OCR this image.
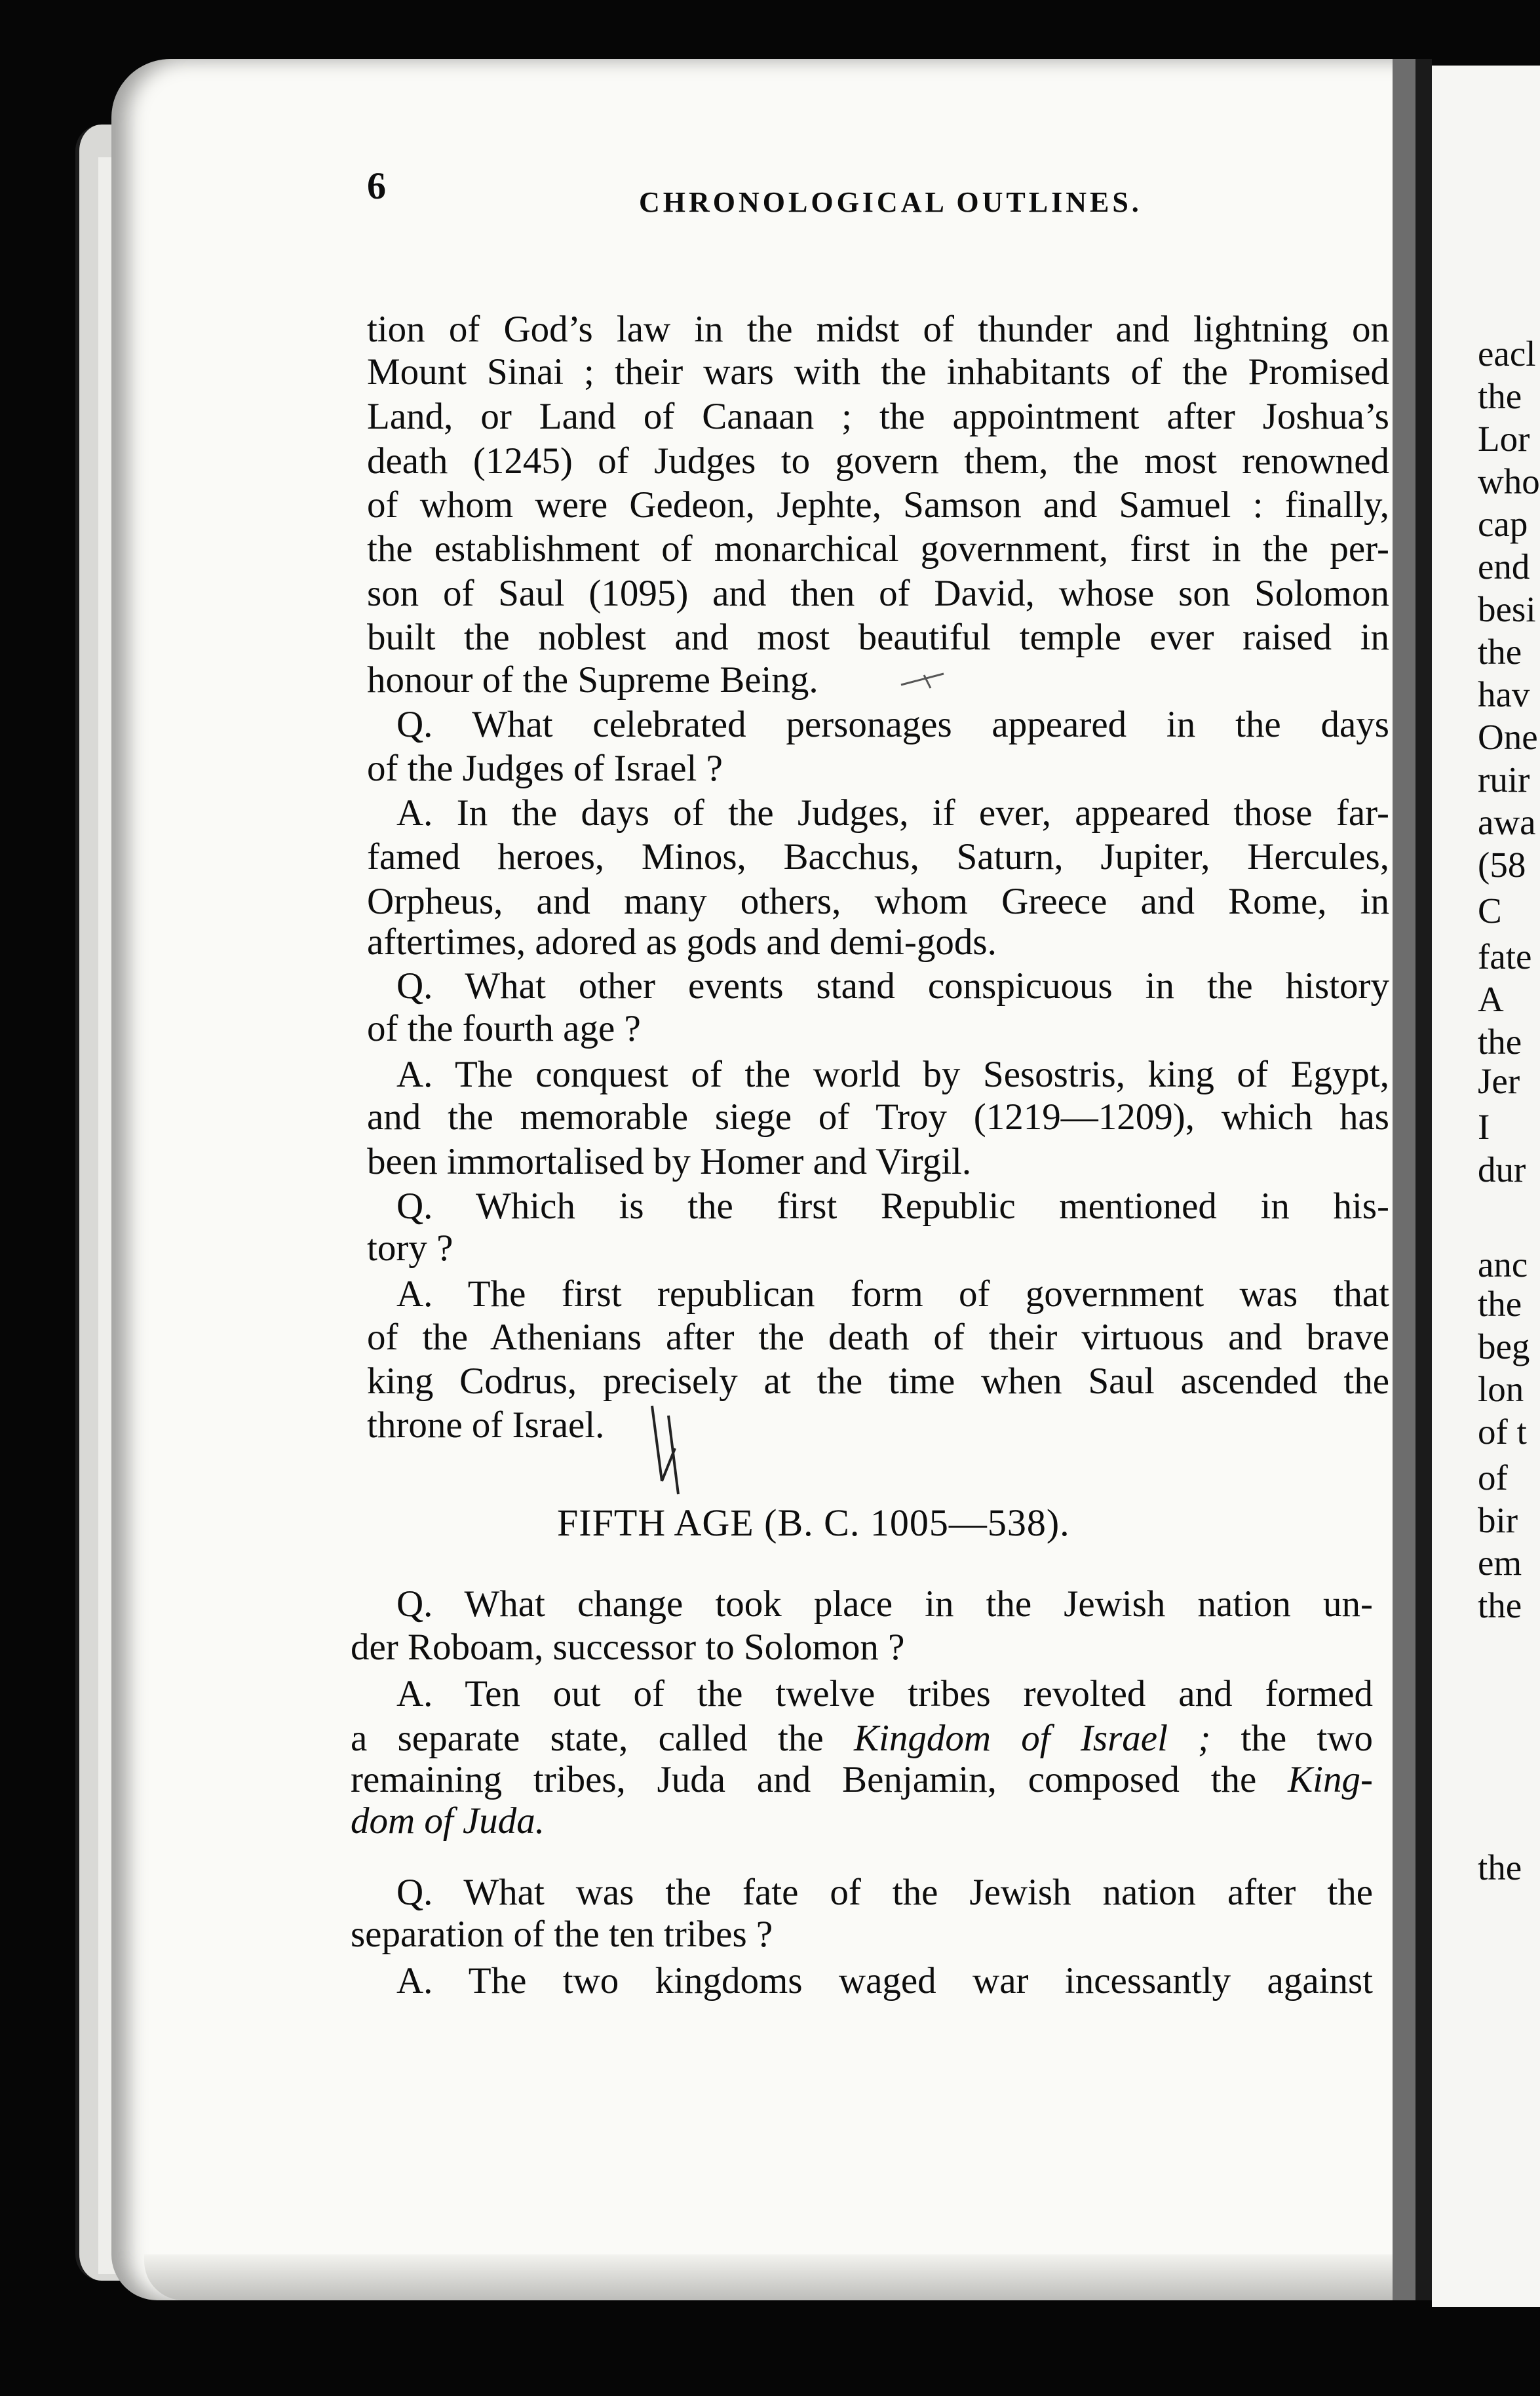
6	CHRONOLOGICAL OUTLINES.
tion of God’s law in the midst of thunder and lightning on
Mount Sinai ; their wars with the inhabitants of the Promised
Land, or Land of Canaan ; the appointment after Joshua’s
death (1245) of Judges to govern them, the most renowned
of whom were Gedeon, Jephte, Samson and Samuel : finally,
the establishment of monarchical government, first in the per-
son of Saul (1095) and then of David, whose son Solomon
built the noblest and most beautiful temple ever raised in
honour of the Supreme Being.
Q. What celebrated personages appeared in the days
of the Judges of Israel ?
A. In the days of the Judges, if ever, appeared those far-
famed heroes, Minos, Bacchus, Saturn, Jupiter, Hercules,
Orpheus, and many others, whom Greece and Rome, in
aftertimes, adored as gods and demi-gods.
Q. What other events stand conspicuous in the history
of the fourth age ?
A. The conquest of the world by Sesostris, king of Egypt,
and the memorable siege of Troy (1219—1209), which has
been immortalised by Homer and Virgil.
Q. Which is the first Republic mentioned in his-
tory ?
A. The first republican form of government was that
of the Athenians after the death of their virtuous and brave
king Codrus, precisely at the time when Saul ascended the
throne of Israel.
FIFTH AGE (B. C. 1005—538).
Q. What change took place in the Jewish nation un-
der Roboam, successor to Solomon ?
A. Ten out of the twelve tribes revolted and formed
a separate state, called the Kingdom of Israel ; the two
remaining tribes, Juda and Benjamin, composed the King-
dom of Juda.
Q. What was the fate of the Jewish nation after the
separation of the ten tribes ?
A. The two kingdoms waged war incessantly against
eacl
the
Lor
who
cap
end
besi
the
hav
One
ruir
awa
(58
C
fate
A
the
Jer
I
dur
anc
the
beg
lon
of t
of
bir
em
the
the
